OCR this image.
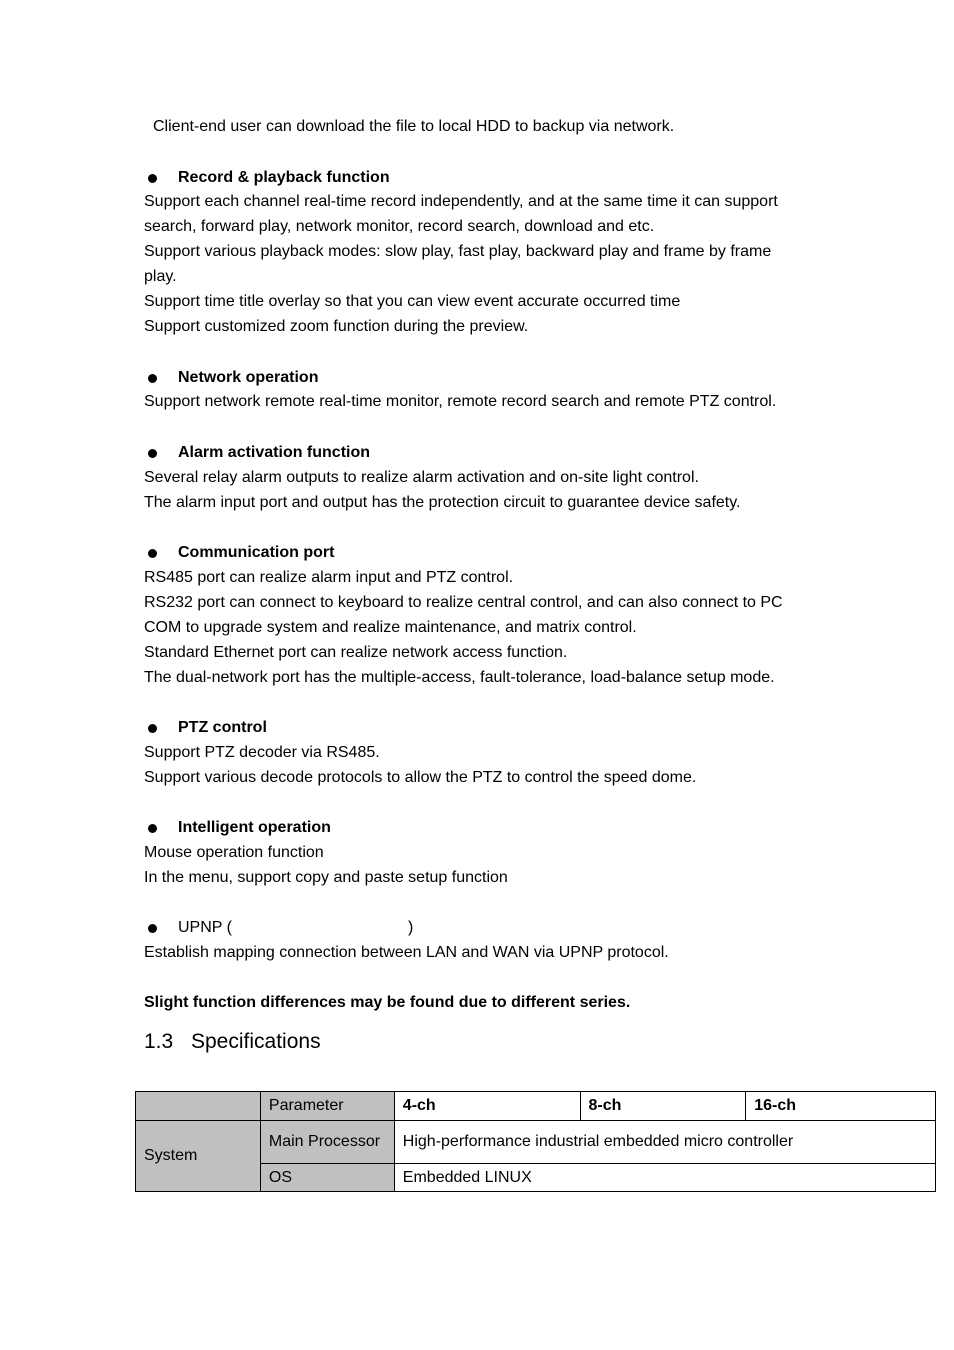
Client-end user can download the file to local HDD to backup via network.
Record & playback function
Support each channel real-time record independently, and at the same time it can support
search, forward play, network monitor, record search, download and etc.
Support various playback modes: slow play, fast play, backward play and frame by frame
play.
Support time title overlay so that you can view event accurate occurred time
Support customized zoom function during the preview.
Network operation
Support network remote real-time monitor, remote record search and remote PTZ control.
Alarm activation function
Several relay alarm outputs to realize alarm activation and on-site light control.
The alarm input port and output has the protection circuit to guarantee device safety.
Communication port
RS485 port can realize alarm input and PTZ control.
RS232 port can connect to keyboard to realize central control, and can also connect to PC
COM to upgrade system and realize maintenance, and matrix control.
Standard Ethernet port can realize network access function.
The dual-network port has the multiple-access, fault-tolerance, load-balance setup mode.
PTZ control
Support PTZ decoder via RS485.
Support various decode protocols to allow the PTZ to control the speed dome.
Intelligent operation
Mouse operation function
In the menu, support copy and paste setup function
UPNP (	)
Establish mapping connection between LAN and WAN via UPNP protocol.
Slight function differences may be found due to different series.
1.3 Specifications
	Parameter	4-ch	8-ch	16-ch
System	Main Processor	High-performance industrial embedded micro controller		
	OS	Embedded LINUX		
